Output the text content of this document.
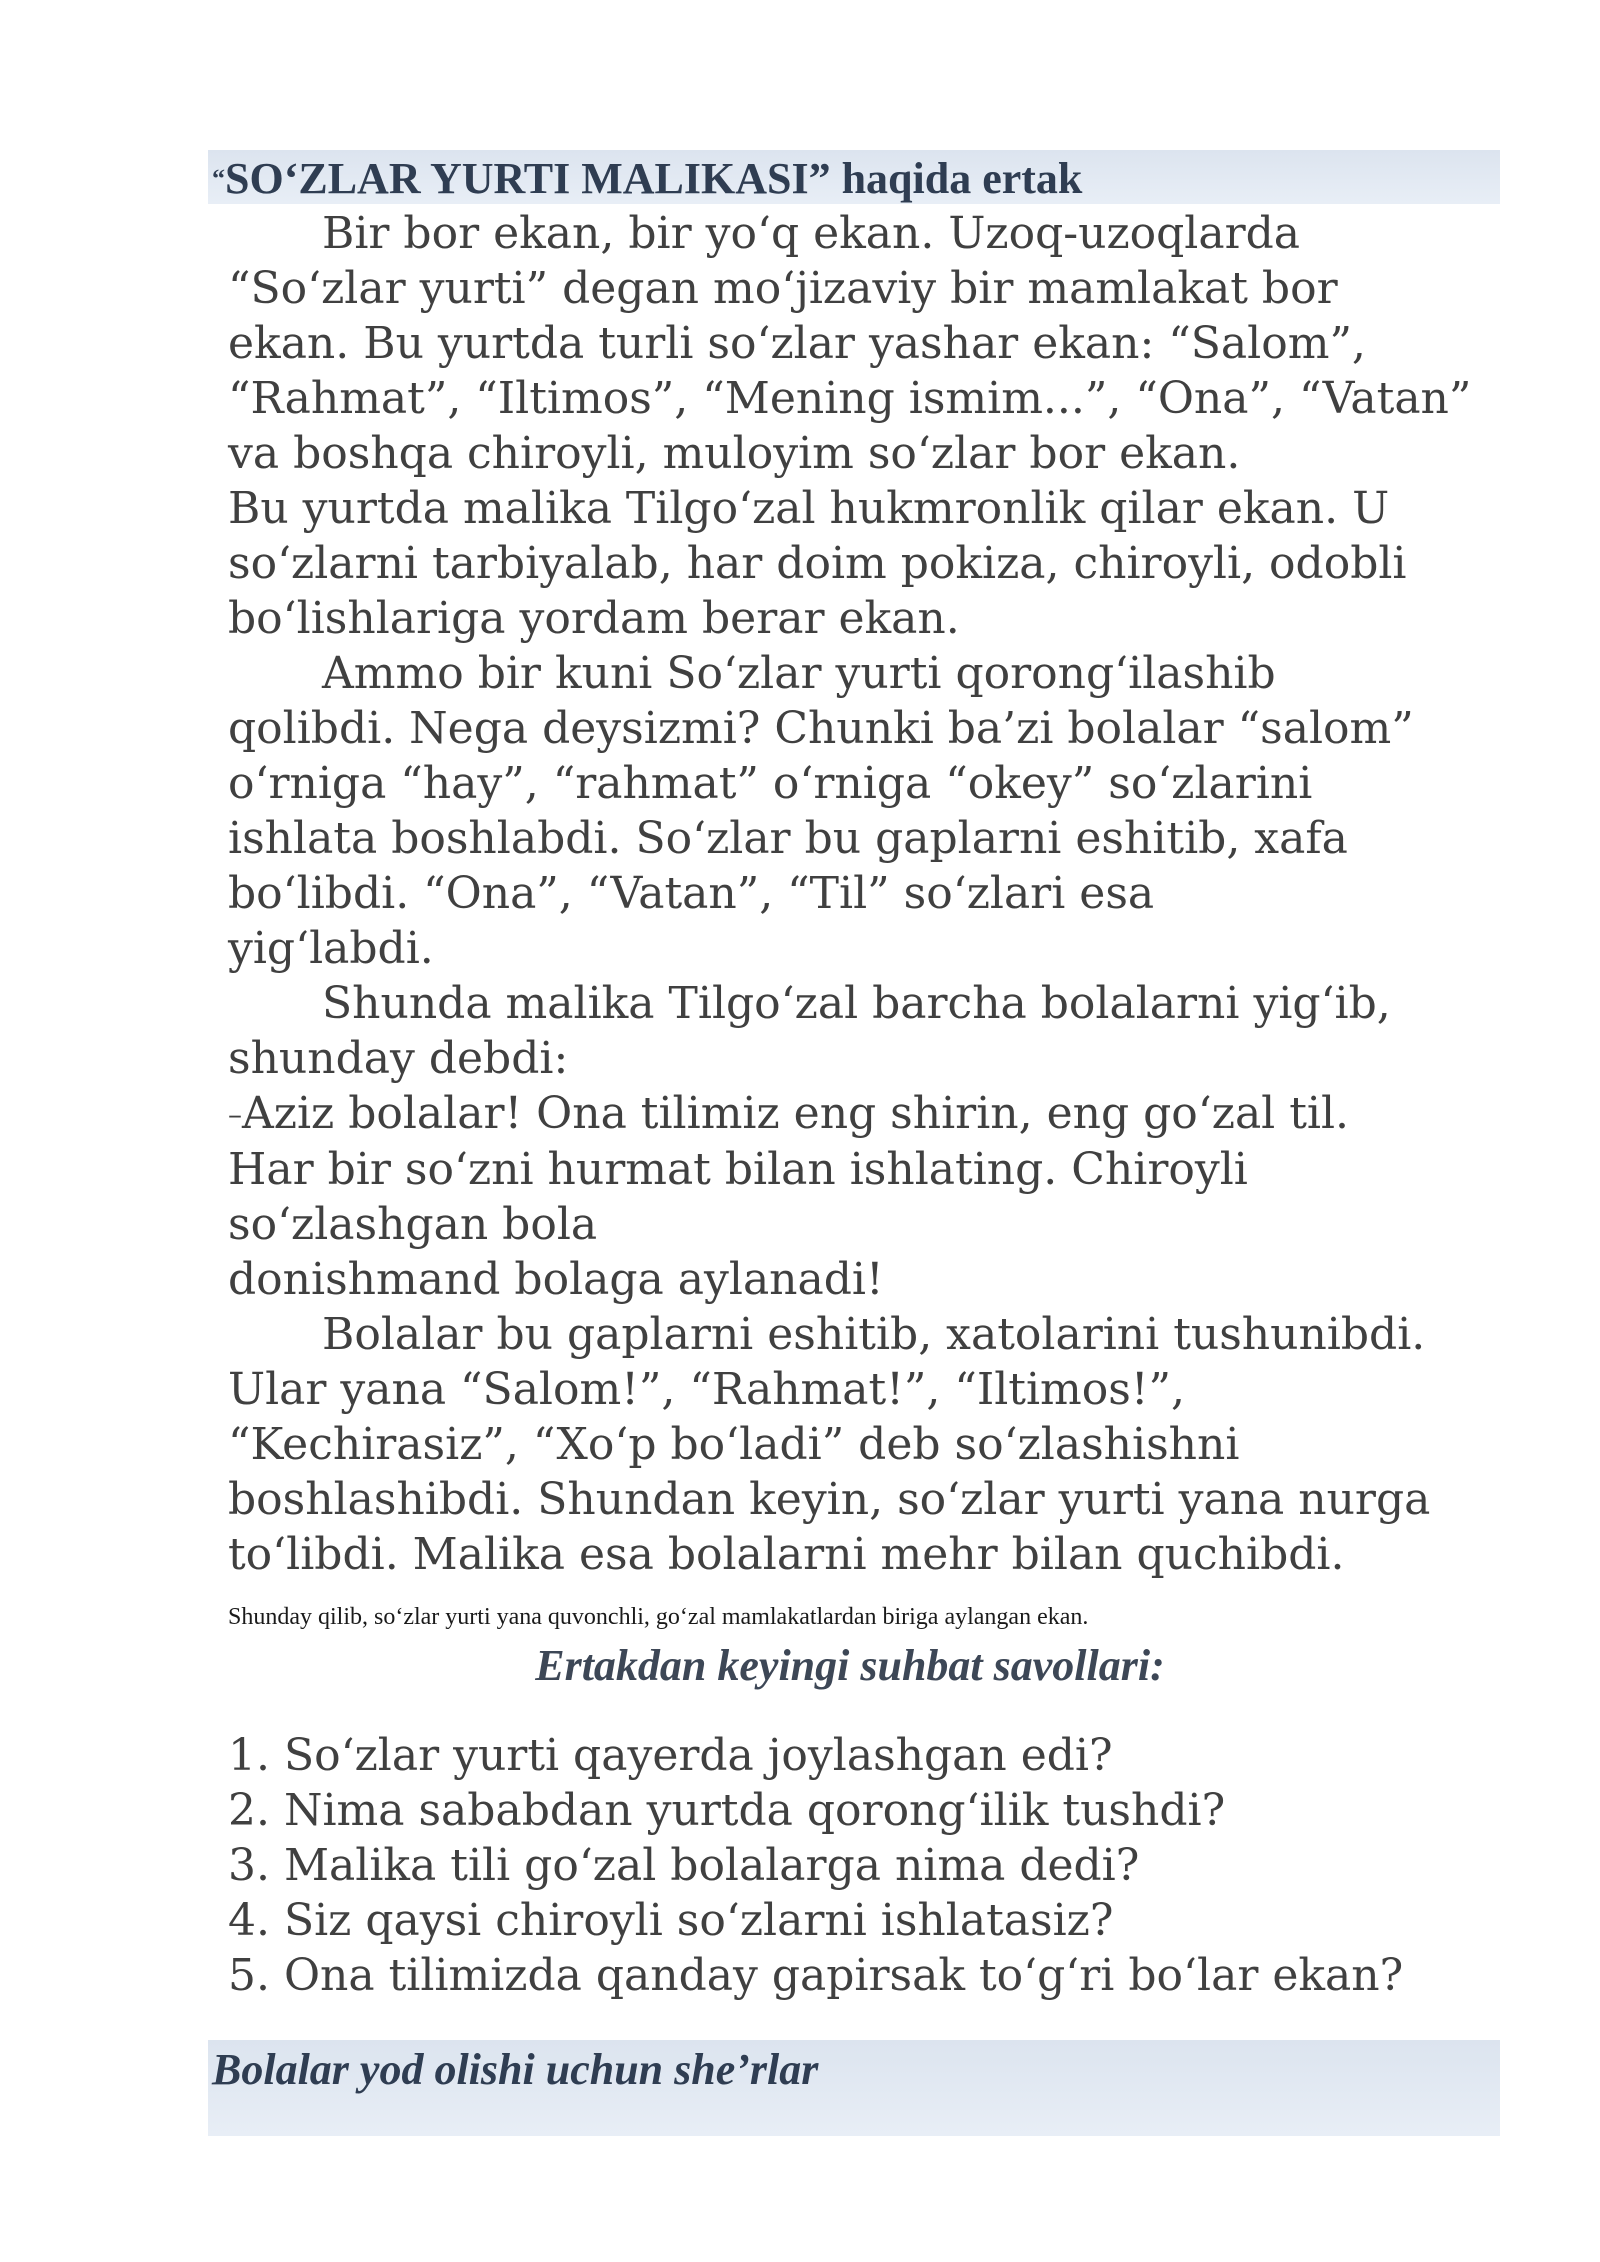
“SO‘ZLAR YURTI MALIKASI” haqida ertak
Bir bor ekan, bir yo‘q ekan. Uzoq-uzoqlarda
“So‘zlar yurti” degan mo‘jizaviy bir mamlakat bor
ekan. Bu yurtda turli so‘zlar yashar ekan: “Salom”,
“Rahmat”, “Iltimos”, “Mening ismim...”, “Ona”, “Vatan”
va boshqa chiroyli, muloyim so‘zlar bor ekan.
Bu yurtda malika Tilgo‘zal hukmronlik qilar ekan. U
so‘zlarni tarbiyalab, har doim pokiza, chiroyli, odobli
bo‘lishlariga yordam berar ekan.
Ammo bir kuni So‘zlar yurti qorong‘ilashib
qolibdi. Nega deysizmi? Chunki ba’zi bolalar “salom”
o‘rniga “hay”, “rahmat” o‘rniga “okey” so‘zlarini
ishlata boshlabdi. So‘zlar bu gaplarni eshitib, xafa
bo‘libdi. “Ona”, “Vatan”, “Til” so‘zlari esa
yig‘labdi.
Shunda malika Tilgo‘zal barcha bolalarni yig‘ib,
shunday debdi:
–Aziz bolalar! Ona tilimiz eng shirin, eng go‘zal til.
Har bir so‘zni hurmat bilan ishlating. Chiroyli
so‘zlashgan bola
donishmand bolaga aylanadi!
Bolalar bu gaplarni eshitib, xatolarini tushunibdi.
Ular yana “Salom!”, “Rahmat!”, “Iltimos!”,
“Kechirasiz”, “Xo‘p bo‘ladi” deb so‘zlashishni
boshlashibdi. Shundan keyin, so‘zlar yurti yana nurga
to‘libdi. Malika esa bolalarni mehr bilan quchibdi.
Shunday qilib, so‘zlar yurti yana quvonchli, go‘zal mamlakatlardan biriga aylangan ekan.
Ertakdan keyingi suhbat savollari:
1. So‘zlar yurti qayerda joylashgan edi?
2. Nima sababdan yurtda qorong‘ilik tushdi?
3. Malika tili go‘zal bolalarga nima dedi?
4. Siz qaysi chiroyli so‘zlarni ishlatasiz?
5. Ona tilimizda qanday gapirsak to‘g‘ri bo‘lar ekan?
Bolalar yod olishi uchun she’rlar
